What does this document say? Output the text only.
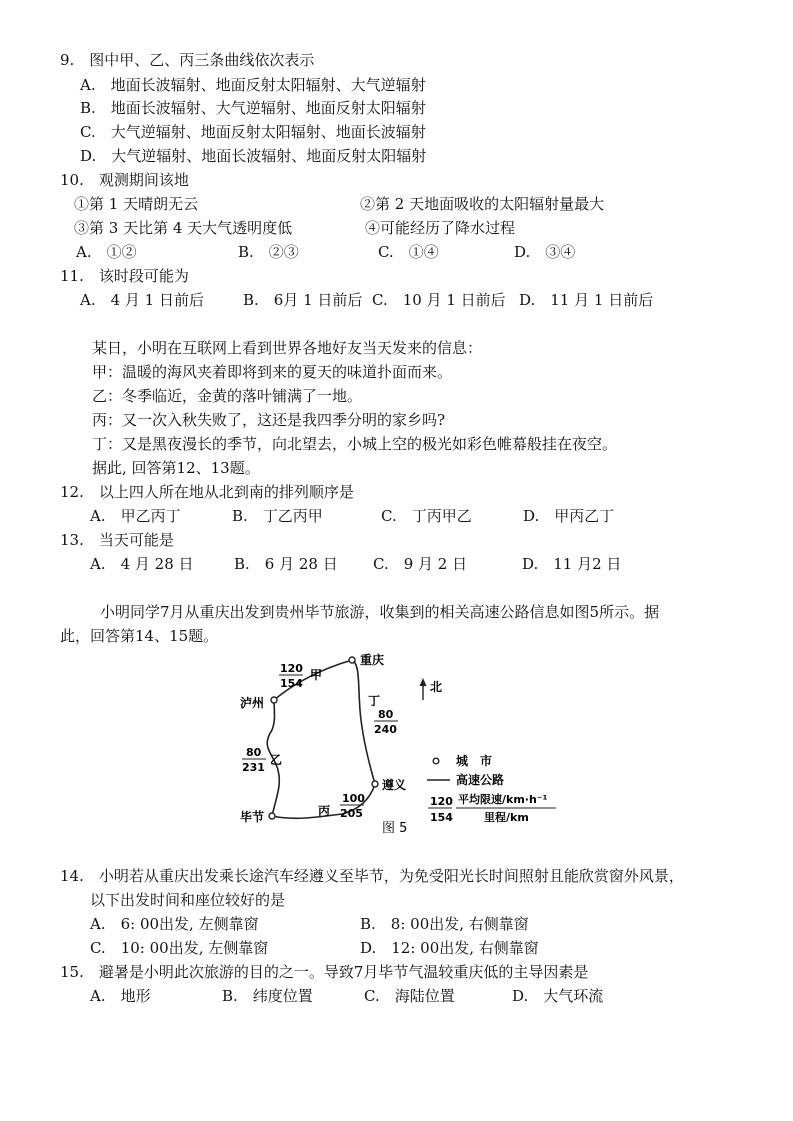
9.　图中甲、乙、丙三条曲线依次表示
A.　地面长波辐射、地面反射太阳辐射、大气逆辐射
B.　地面长波辐射、大气逆辐射、地面反射太阳辐射
C.　大气逆辐射、地面反射太阳辐射、地面长波辐射
D.　大气逆辐射、地面长波辐射、地面反射太阳辐射
10.　观测期间该地
①第 1 天晴朗无云	②第 2 天地面吸收的太阳辐射量最大
③第 3 天比第 4 天大气透明度低	④可能经历了降水过程
A.　①②	B.　②③	C.　①④	D.　③④
11.　该时段可能为
A.　4 月 1 日前后	B.　6月 1 日前后 C.　10 月 1 日前后 D.　11 月 1 日前后
某日，小明在互联网上看到世界各地好友当天发来的信息：
甲：温暖的海风夹着即将到来的夏天的味道扑面而来。
乙：冬季临近，金黄的落叶铺满了一地。
丙：又一次入秋失败了，这还是我四季分明的家乡吗?
丁：又是黑夜漫长的季节，向北望去，小城上空的极光如彩色帷幕般挂在夜空。
据此, 回答第12、13题。
12.　以上四人所在地从北到南的排列顺序是
A.　甲乙丙丁	B.　丁乙丙甲	C.　丁丙甲乙	D.　甲丙乙丁
13.　当天可能是
A.　4 月 28 日	B.　6 月 28 日 C.　9 月 2 日	D.　11 月2 日
小明同学7月从重庆出发到贵州毕节旅游，收集到的相关高速公路信息如图5所示。据
此，回答第14、15题。
重庆
泸州
遵义
毕节
120
154
甲
丁
80
240
80
231
乙
丙
100
205
北
城　市
高速公路
120
154
平均限速/km·h⁻¹
里程/km
图 5
14.　小明若从重庆出发乘长途汽车经遵义至毕节，为免受阳光长时间照射且能欣赏窗外风景，
以下出发时间和座位较好的是
A.　6: 00出发, 左侧靠窗	B.　8: 00出发, 右侧靠窗
C.　10: 00出发, 左侧靠窗	D.　12: 00出发, 右侧靠窗
15.　避暑是小明此次旅游的目的之一。导致7月毕节气温较重庆低的主导因素是
A.　地形	B.　纬度位置	C.　海陆位置	D.　大气环流
